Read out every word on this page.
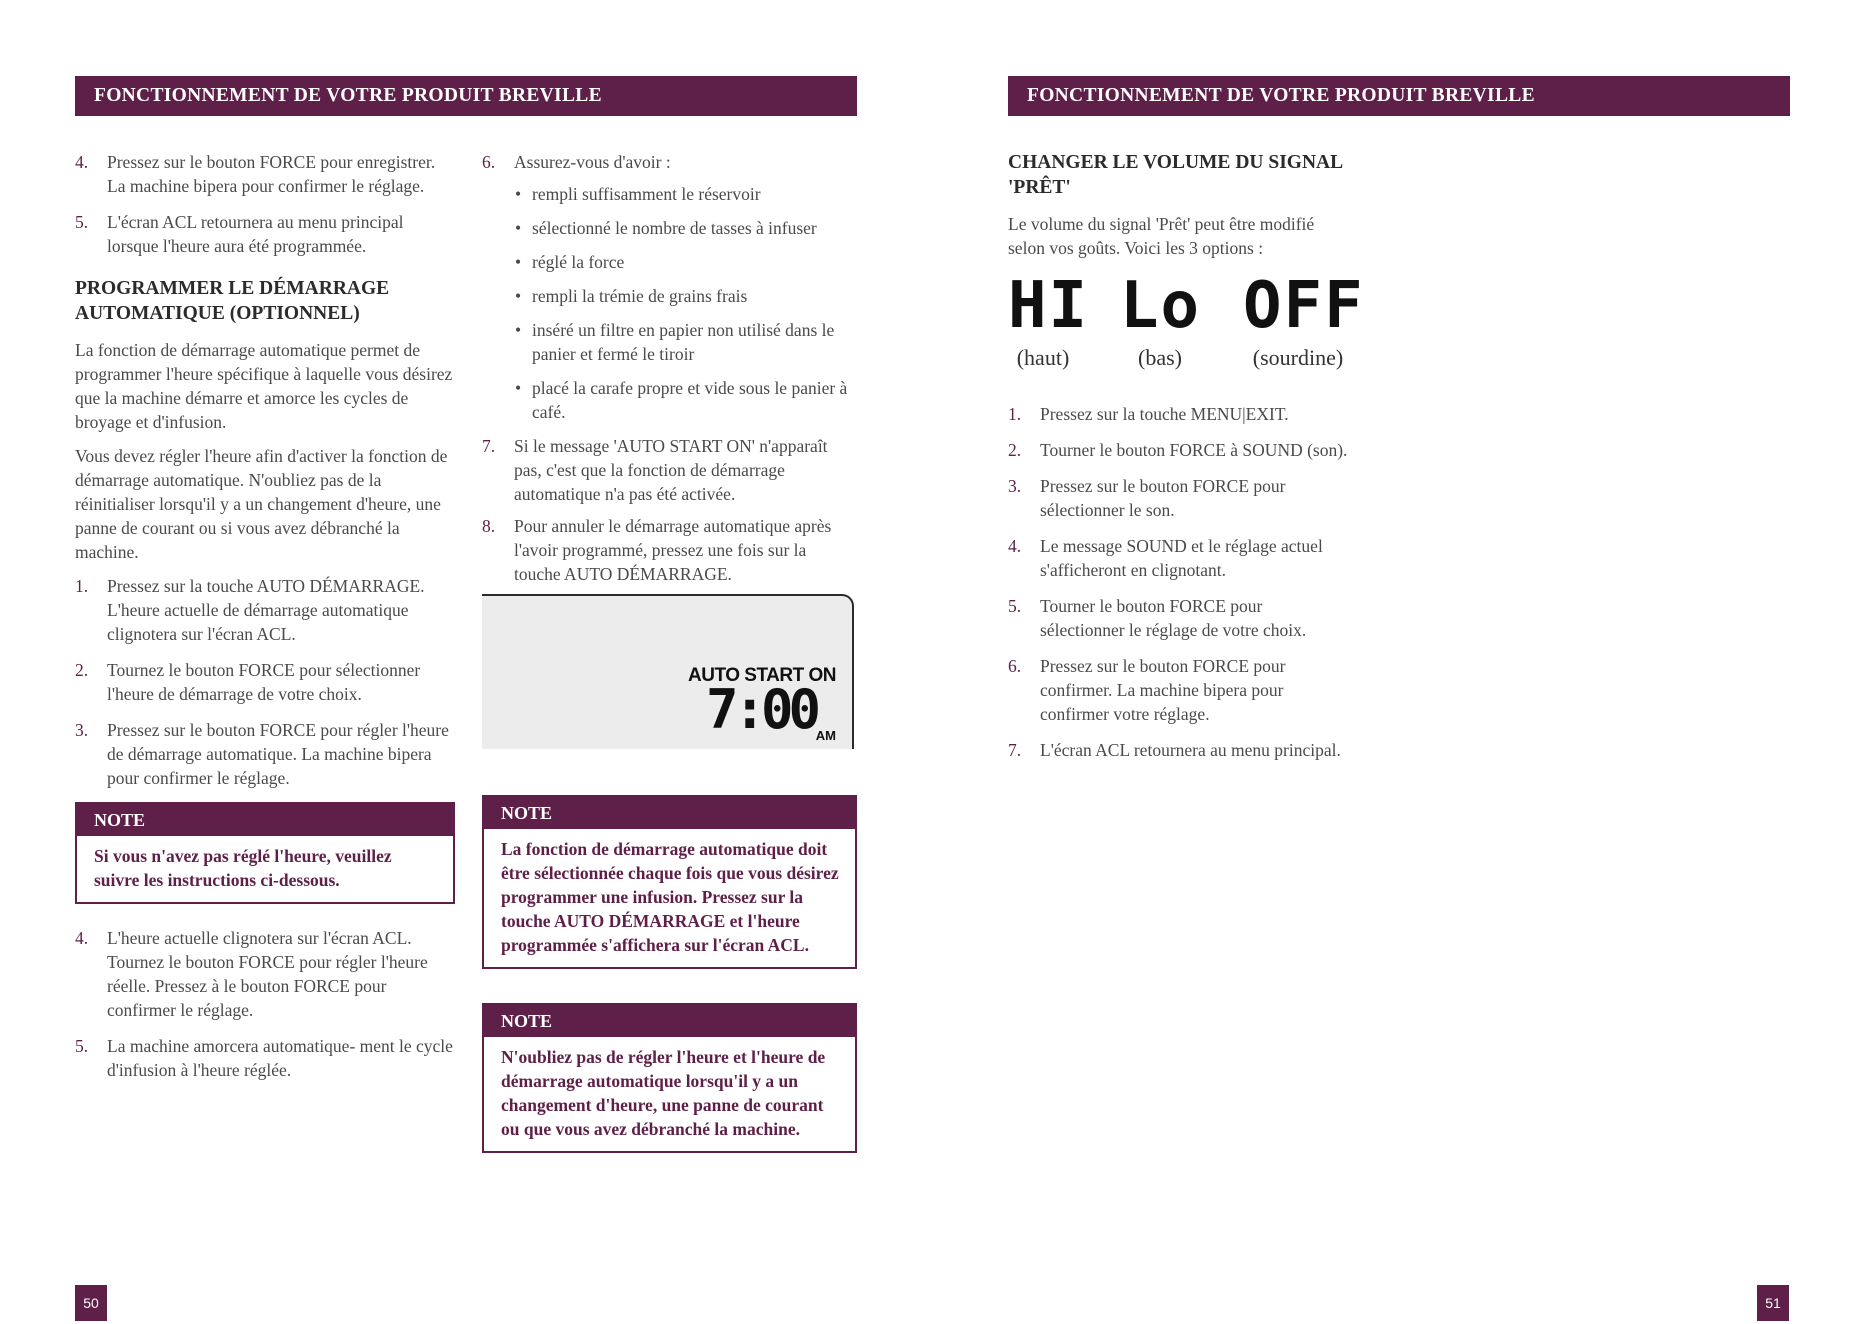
FONCTIONNEMENT DE VOTRE PRODUIT BREVILLE
4. Pressez sur le bouton FORCE pour enregistrer. La machine bipera pour confirmer le réglage.
5. L'écran ACL retournera au menu principal lorsque l'heure aura été programmée.
PROGRAMMER LE DÉMARRAGE AUTOMATIQUE (OPTIONNEL)

La fonction de démarrage automatique permet de programmer l'heure spécifique à laquelle vous désirez que la machine démarre et amorce les cycles de broyage et d'infusion.

Vous devez régler l'heure afin d'activer la fonction de démarrage automatique. N'oubliez pas de la réinitialiser lorsqu'il y a un changement d'heure, une panne de courant ou si vous avez débranché la machine.

1. Pressez sur la touche AUTO DÉMARRAGE. L'heure actuelle de démarrage automatique clignotera sur l'écran ACL.
2. Tournez le bouton FORCE pour sélectionner l'heure de démarrage de votre choix.
3. Pressez sur le bouton FORCE pour régler l'heure de démarrage automatique. La machine bipera pour confirmer le réglage.
NOTE
Si vous n'avez pas réglé l'heure, veuillez suivre les instructions ci-dessous.
4. L'heure actuelle clignotera sur l'écran ACL. Tournez le bouton FORCE pour régler l'heure réelle. Pressez à le bouton FORCE pour confirmer le réglage.
5. La machine amorcera automatique- ment le cycle d'infusion à l'heure réglée.
6. Assurez-vous d'avoir :
• rempli suffisamment le réservoir
• sélectionné le nombre de tasses à infuser
• réglé la force
• rempli la trémie de grains frais
• inséré un filtre en papier non utilisé dans le panier et fermé le tiroir
• placé la carafe propre et vide sous le panier à café.
7. Si le message 'AUTO START ON' n'apparaît pas, c'est que la fonction de démarrage automatique n'a pas été activée.
8. Pour annuler le démarrage automatique après l'avoir programmé, pressez une fois sur la touche AUTO DÉMARRAGE.
AUTO START ON
7:00 AM
NOTE
La fonction de démarrage automatique doit être sélectionnée chaque fois que vous désirez programmer une infusion. Pressez sur la touche AUTO DÉMARRAGE et l'heure programmée s'affichera sur l'écran ACL.
NOTE
N'oubliez pas de régler l'heure et l'heure de démarrage automatique lorsqu'il y a un changement d'heure, une panne de courant ou que vous avez débranché la machine.
50
FONCTIONNEMENT DE VOTRE PRODUIT BREVILLE
CHANGER LE VOLUME DU SIGNAL 'PRÊT'

Le volume du signal 'Prêt' peut être modifié selon vos goûts. Voici les 3 options :

HI
(haut)
Lo
(bas)
OFF
(sourdine)
1. Pressez sur la touche MENU|EXIT.
2. Tourner le bouton FORCE à SOUND (son).
3. Pressez sur le bouton FORCE pour sélectionner le son.
4. Le message SOUND et le réglage actuel s'afficheront en clignotant.
5. Tourner le bouton FORCE pour sélectionner le réglage de votre choix.
6. Pressez sur le bouton FORCE pour confirmer. La machine bipera pour confirmer votre réglage.
7. L'écran ACL retournera au menu principal.
51
